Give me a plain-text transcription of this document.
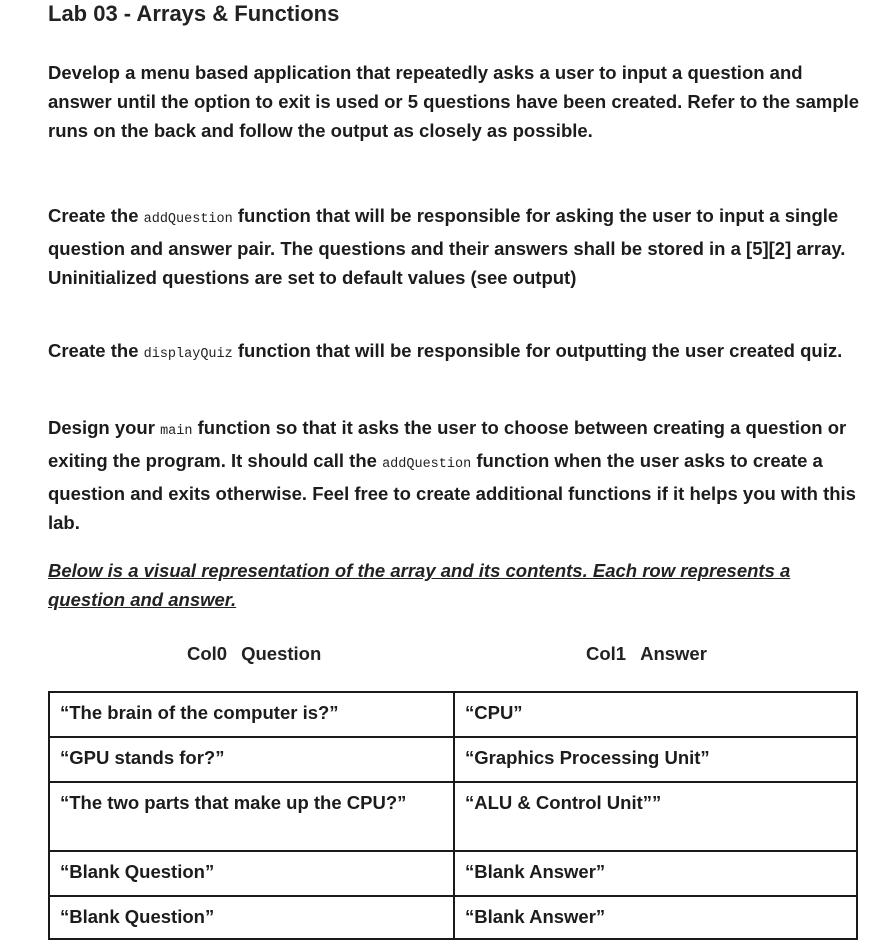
Lab 03 - Arrays & Functions

Develop a menu based application that repeatedly asks a user to input a question and answer until the option to exit is used or 5 questions have been created. Refer to the sample runs on the back and follow the output as closely as possible.

Create the addQuestion function that will be responsible for asking the user to input a single question and answer pair. The questions and their answers shall be stored in a [5][2] array. Uninitialized questions are set to default values (see output)

Create the displayQuiz function that will be responsible for outputting the user created quiz.

Design your main function so that it asks the user to choose between creating a question or exiting the program. It should call the addQuestion function when the user asks to create a question and exits otherwise. Feel free to create additional functions if it helps you with this lab.

Below is a visual representation of the array and its contents. Each row represents a question and answer.

Col0 Question	Col1 Answer
“The brain of the computer is?”	“CPU”
“GPU stands for?”	“Graphics Processing Unit”
“The two parts that make up the CPU?”	“ALU & Control Unit””
“Blank Question”	“Blank Answer”
“Blank Question”	“Blank Answer”
